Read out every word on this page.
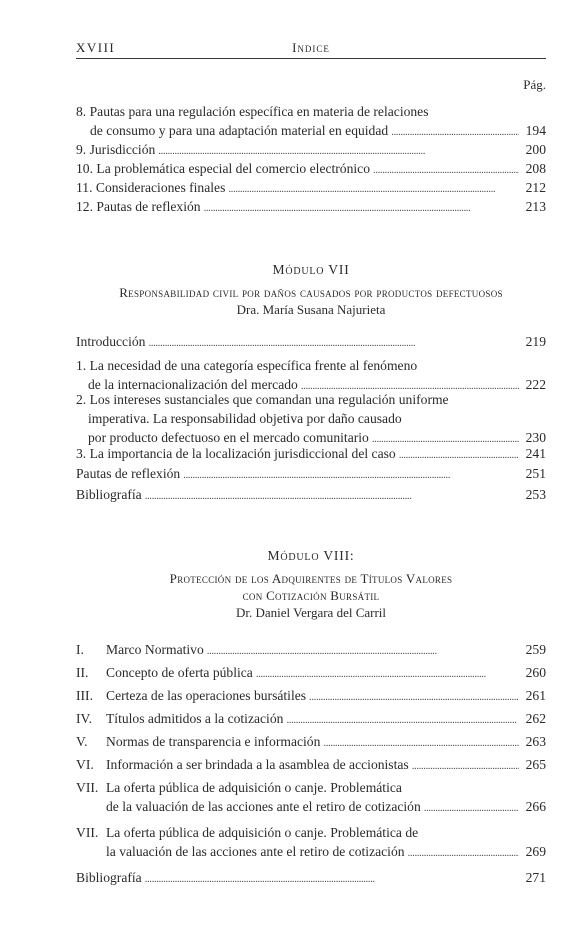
XVIII	Indice
Pág.
8. Pautas para una regulación específica en materia de relaciones
de consumo y para una adaptación material en equidad . . .	194
9. Jurisdicción . . .	200
10. La problemática especial del comercio electrónico . . .	208
11. Consideraciones finales . . .	212
12. Pautas de reflexión . . .	213
Módulo VII
Responsabilidad civil por daños causados por productos defectuosos
Dra. María Susana Najurieta
Introducción . . .	219
1. La necesidad de una categoría específica frente al fenómeno
de la internacionalización del mercado . . .	222
2. Los intereses sustanciales que comandan una regulación uniforme
imperativa. La responsabilidad objetiva por daño causado
por producto defectuoso en el mercado comunitario . . .	230
3. La importancia de la localización jurisdiccional del caso . . .	241
Pautas de reflexión . . .	251
Bibliografía . . .	253
Módulo VIII:
Protección de los Adquirentes de Títulos Valores
con Cotización Bursátil
Dr. Daniel Vergara del Carril
I.	Marco Normativo . . .	259
II.	Concepto de oferta pública . . .	260
III. Certeza de las operaciones bursátiles . . .	261
IV.	Títulos admitidos a la cotización . . .	262
V.	Normas de transparencia e información . . .	263
VI. Información a ser brindada a la asamblea de accionistas . . .	265
VII. La oferta pública de adquisición o canje. Problemática
de la valuación de las acciones ante el retiro de cotización . . .	266
VII. La oferta pública de adquisición o canje. Problemática de
la valuación de las acciones ante el retiro de cotización . . .	269
Bibliografía . . .	271
